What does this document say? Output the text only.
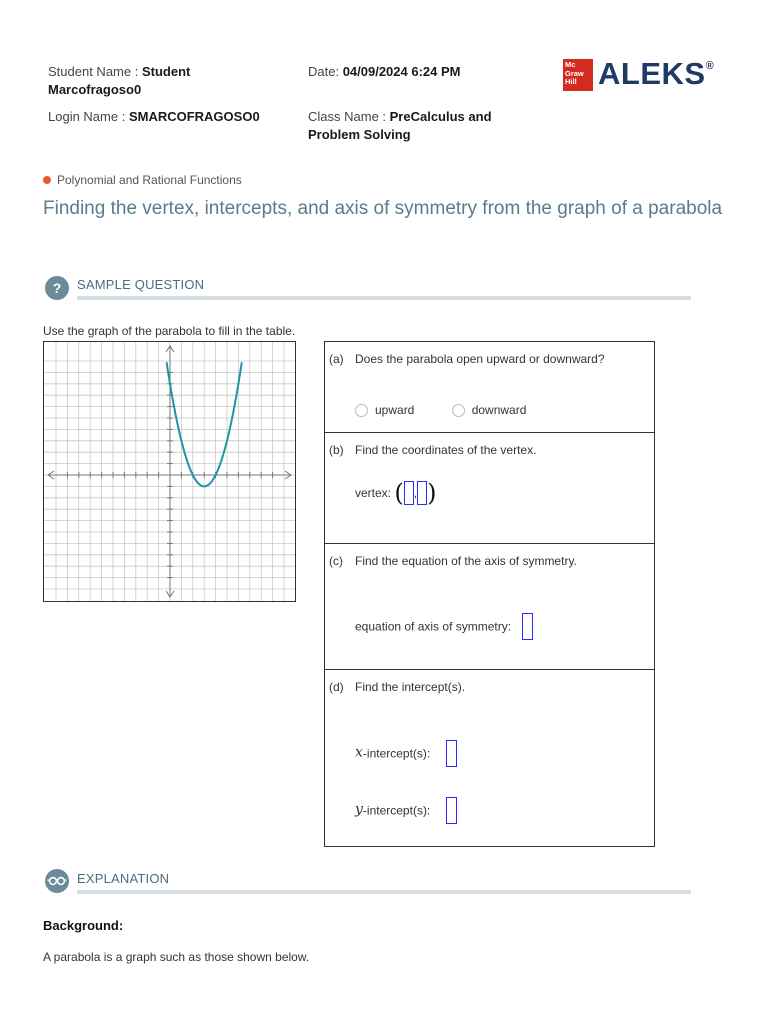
Student Name : Student
Marcofragoso0
Date: 04/09/2024 6:24 PM
Login Name : SMARCOFRAGOSO0	Class Name : PreCalculus and
Problem Solving
Mc
Graw
Hill ALEKS®
Polynomial and Rational Functions
Finding the vertex, intercepts, and axis of symmetry from the graph of a parabola
?	SAMPLE QUESTION
Use the graph of the parabola to fill in the table.
(a) Does the parabola open upward or downward?
upward	downward
(b) Find the coordinates of the vertex.
vertex: ( , )
(c) Find the equation of the axis of symmetry.
equation of axis of symmetry:
(d) Find the intercept(s).
x-intercept(s):
y-intercept(s):
EXPLANATION
Background:
A parabola is a graph such as those shown below.
